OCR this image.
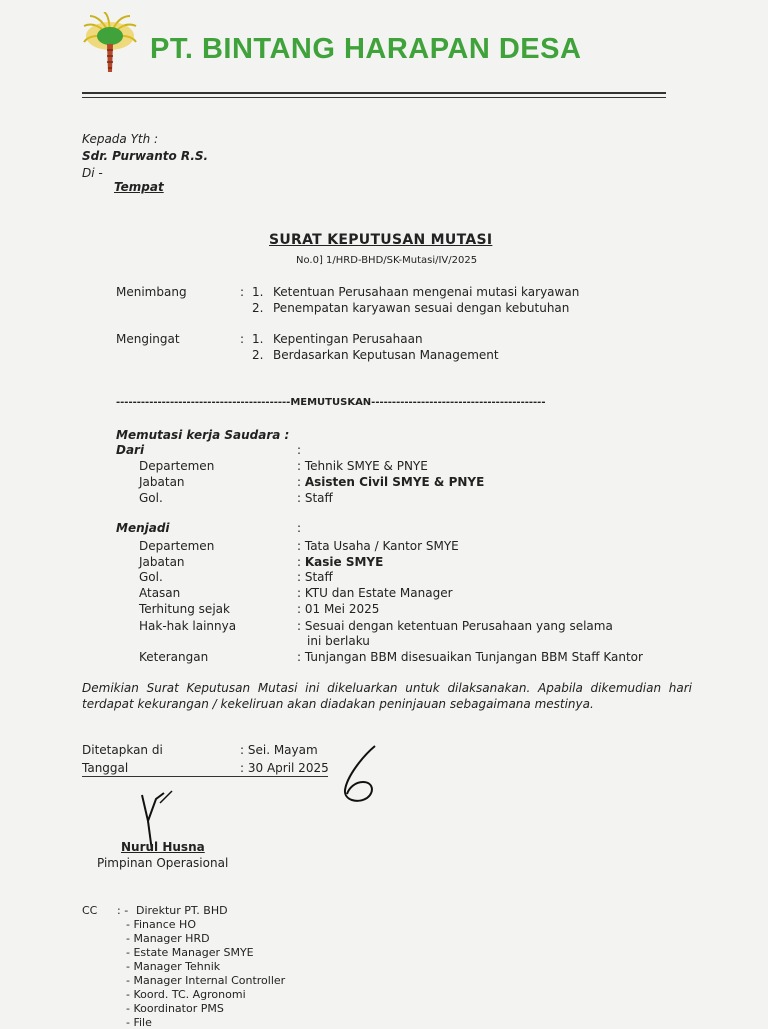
PT. BINTANG HARAPAN DESA
Kepada Yth :
Sdr. Purwanto R.S.
Di -
Tempat
SURAT KEPUTUSAN MUTASI
No.0] 1/HRD-BHD/SK-Mutasi/IV/2025
Menimbang	: 1. Ketentuan Perusahaan mengenai mutasi karyawan
2. Penempatan karyawan sesuai dengan kebutuhan
Mengingat	: 1. Kepentingan Perusahaan
2. Berdasarkan Keputusan Management
------------------------------------------MEMUTUSKAN------------------------------------------
Memutasi kerja Saudara :
Dari	:
Departemen	: Tehnik SMYE & PNYE
Jabatan	: Asisten Civil SMYE & PNYE
Gol.	: Staff
Menjadi	:
Departemen	: Tata Usaha / Kantor SMYE
Jabatan	: Kasie SMYE
Gol.	: Staff
Atasan	: KTU dan Estate Manager
Terhitung sejak	: 01 Mei 2025
Hak-hak lainnya	: Sesuai dengan ketentuan Perusahaan yang selama
ini berlaku
Keterangan	: Tunjangan BBM disesuaikan Tunjangan BBM Staff Kantor
Demikian Surat Keputusan Mutasi ini dikeluarkan untuk dilaksanakan. Apabila dikemudian hari
terdapat kekurangan / kekeliruan akan diadakan peninjauan sebagaimana mestinya.
Ditetapkan di	: Sei. Mayam
Tanggal	: 30 April 2025
Nurul Husna
Pimpinan Operasional
CC : - Direktur PT. BHD
- Finance HO
- Manager HRD
- Estate Manager SMYE
- Manager Tehnik
- Manager Internal Controller
- Koord. TC. Agronomi
- Koordinator PMS
- File
